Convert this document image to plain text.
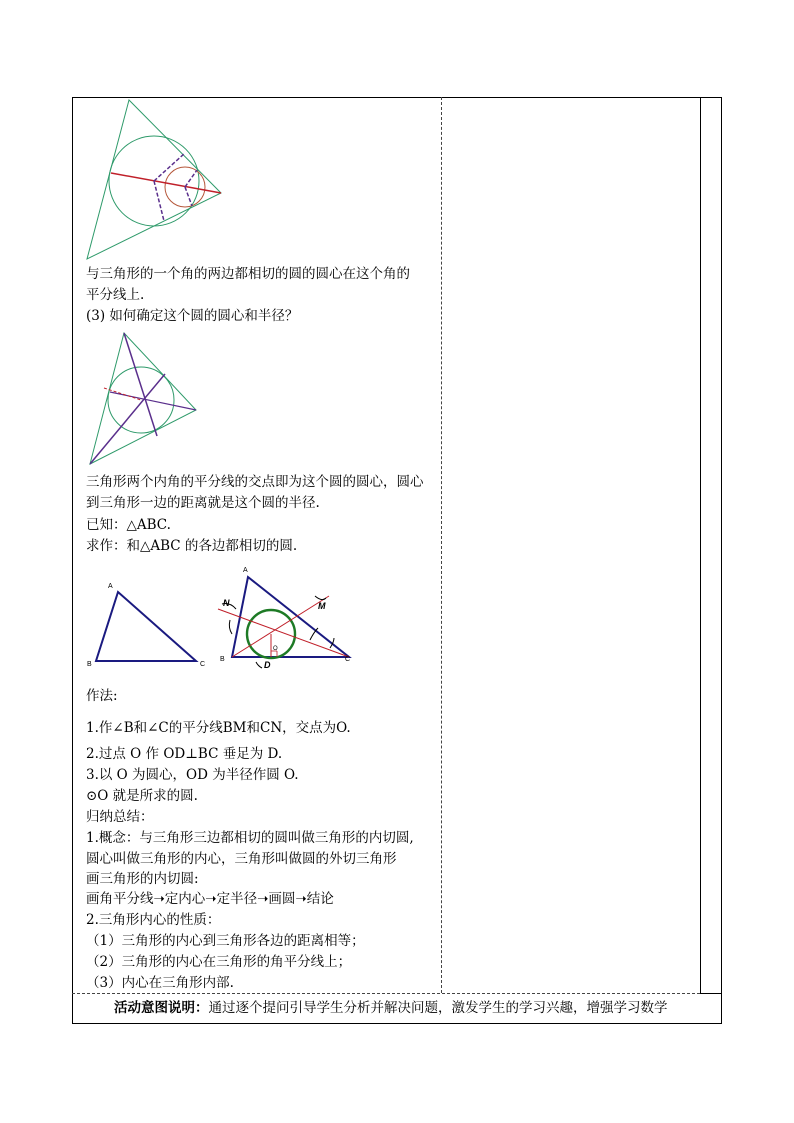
与三角形的一个角的两边都相切的圆的圆心在这个角的
平分线上.
(3) 如何确定这个圆的圆心和半径？
三角形两个内角的平分线的交点即为这个圆的圆心，圆心
到三角形一边的距离就是这个圆的半径.
已知：△ABC.
求作：和△ABC 的各边都相切的圆.
A
B	C
A
B	C
N	M
O
D
作法:
1.作∠B和∠C的平分线BM和CN，交点为O.
2.过点 O 作 OD⊥BC 垂足为 D.
3.以 O 为圆心，OD 为半径作圆 O.
⊙O 就是所求的圆.
归纳总结：
1.概念：与三角形三边都相切的圆叫做三角形的内切圆,
圆心叫做三角形的内心，三角形叫做圆的外切三角形
画三角形的内切圆:
画角平分线➝定内心➝定半径➝画圆➝结论
2.三角形内心的性质：
（1）三角形的内心到三角形各边的距离相等；
（2）三角形的内心在三角形的角平分线上；
（3）内心在三角形内部.
活动意图说明：通过逐个提问引导学生分析并解决问题，激发学生的学习兴趣，增强学习数学
